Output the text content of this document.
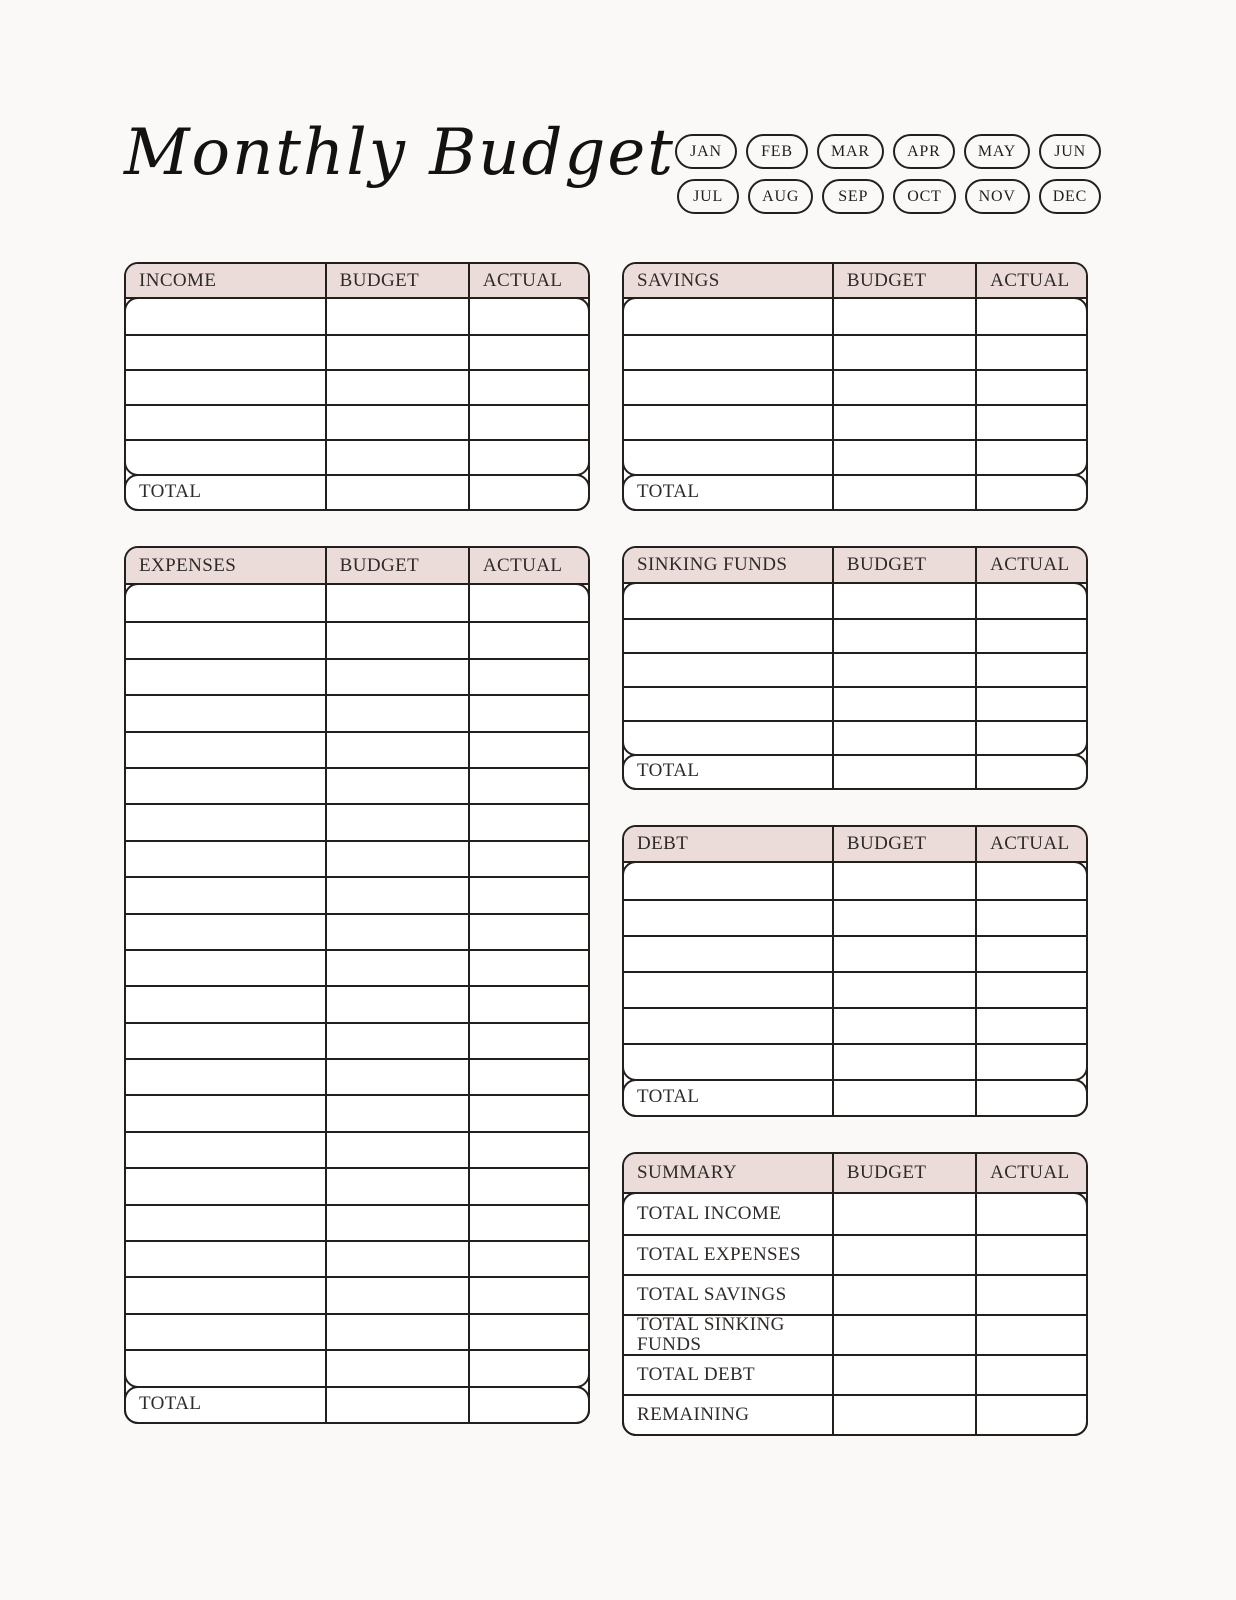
Monthly Budget JAN	FEB	MAR	APR	MAY	JUN
JUL	AUG	SEP	OCT	NOV	DEC
INCOME	BUDGET	ACTUAL
TOTAL
EXPENSES	BUDGET	ACTUAL
TOTAL
SAVINGS	BUDGET	ACTUAL
TOTAL
SINKING FUNDS	BUDGET	ACTUAL
TOTAL
DEBT	BUDGET	ACTUAL
TOTAL
SUMMARY	BUDGET	ACTUAL
TOTAL INCOME
TOTAL EXPENSES
TOTAL SAVINGS
TOTAL SINKING FUNDS
TOTAL DEBT
REMAINING
